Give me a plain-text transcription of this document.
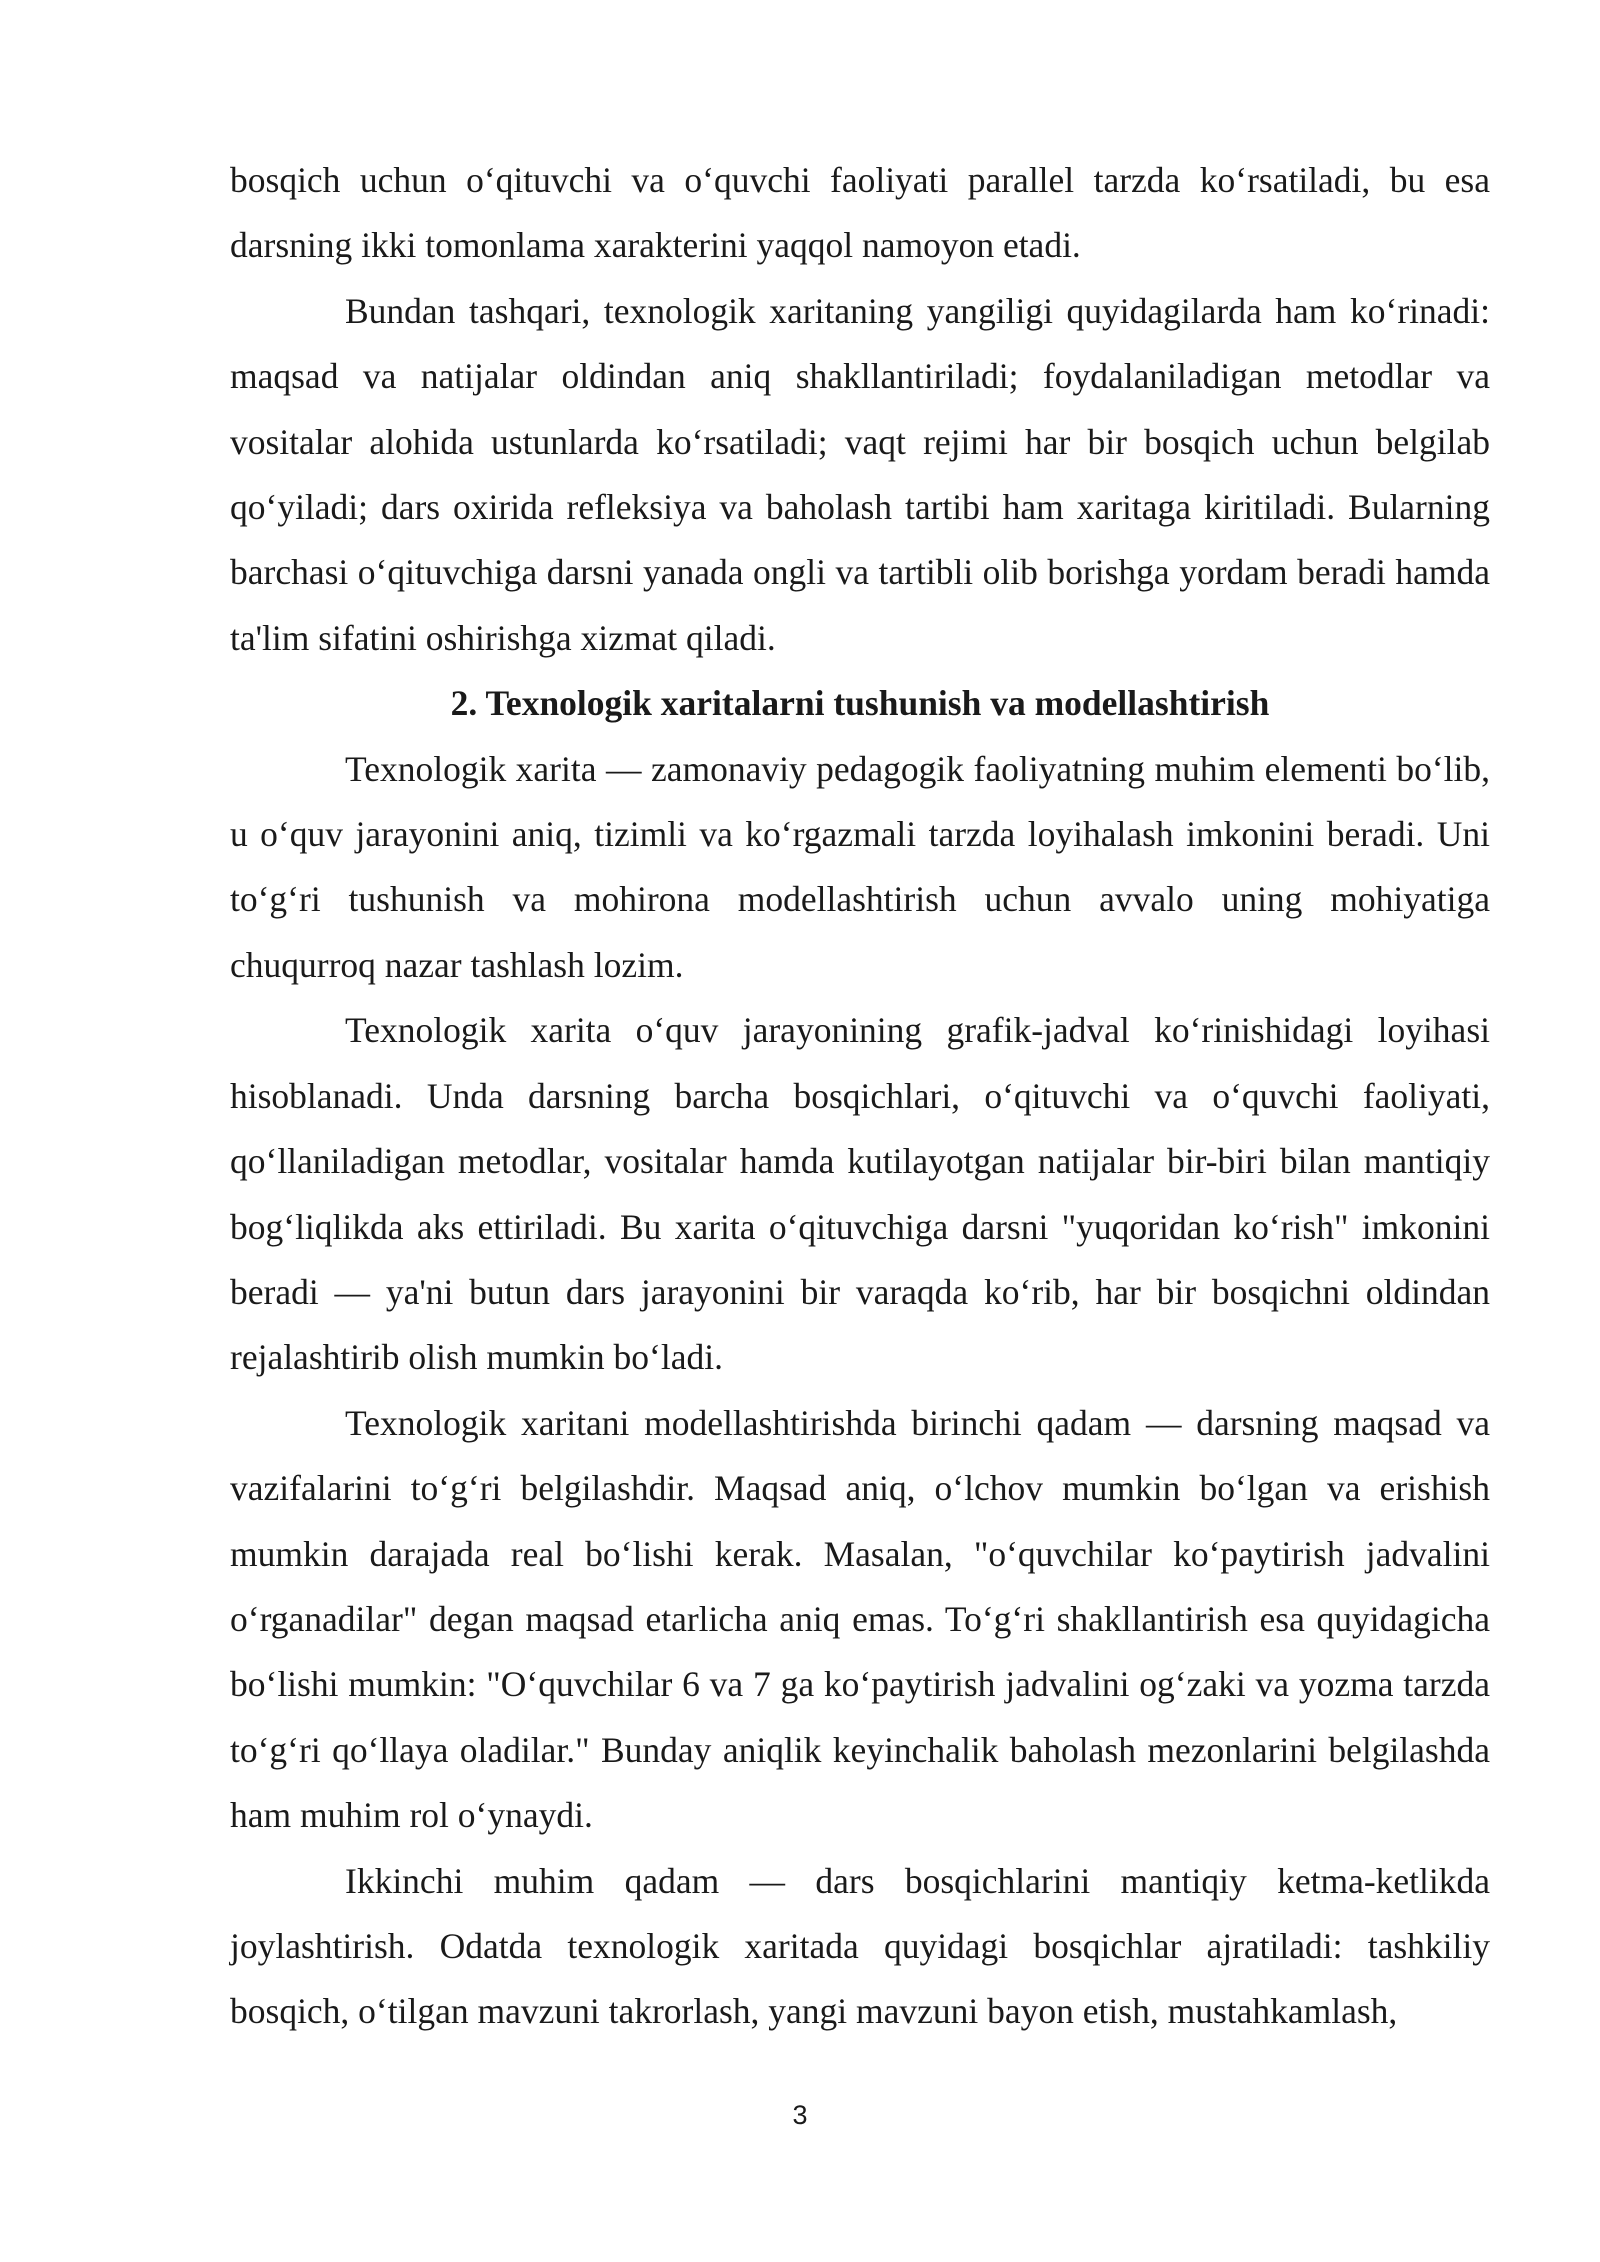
bosqich uchun o‘qituvchi va o‘quvchi faoliyati parallel tarzda ko‘rsatiladi, bu esa darsning ikki tomonlama xarakterini yaqqol namoyon etadi.

Bundan tashqari, texnologik xaritaning yangiligi quyidagilarda ham ko‘rinadi: maqsad va natijalar oldindan aniq shakllantiriladi; foydalaniladigan metodlar va vositalar alohida ustunlarda ko‘rsatiladi; vaqt rejimi har bir bosqich uchun belgilab qo‘yiladi; dars oxirida refleksiya va baholash tartibi ham xaritaga kiritiladi. Bularning barchasi o‘qituvchiga darsni yanada ongli va tartibli olib borishga yordam beradi hamda ta'lim sifatini oshirishga xizmat qiladi.

2. Texnologik xaritalarni tushunish va modellashtirish

Texnologik xarita — zamonaviy pedagogik faoliyatning muhim elementi bo‘lib, u o‘quv jarayonini aniq, tizimli va ko‘rgazmali tarzda loyihalash imkonini beradi. Uni to‘g‘ri tushunish va mohirona modellashtirish uchun avvalo uning mohiyatiga chuqurroq nazar tashlash lozim.

Texnologik xarita o‘quv jarayonining grafik-jadval ko‘rinishidagi loyihasi hisoblanadi. Unda darsning barcha bosqichlari, o‘qituvchi va o‘quvchi faoliyati, qo‘llaniladigan metodlar, vositalar hamda kutilayotgan natijalar bir-biri bilan mantiqiy bog‘liqlikda aks ettiriladi. Bu xarita o‘qituvchiga darsni "yuqoridan ko‘rish" imkonini beradi — ya'ni butun dars jarayonini bir varaqda ko‘rib, har bir bosqichni oldindan rejalashtirib olish mumkin bo‘ladi.

Texnologik xaritani modellashtirishda birinchi qadam — darsning maqsad va vazifalarini to‘g‘ri belgilashdir. Maqsad aniq, o‘lchov mumkin bo‘lgan va erishish mumkin darajada real bo‘lishi kerak. Masalan, "o‘quvchilar ko‘paytirish jadvalini o‘rganadilar" degan maqsad etarlicha aniq emas. To‘g‘ri shakllantirish esa quyidagicha bo‘lishi mumkin: "O‘quvchilar 6 va 7 ga ko‘paytirish jadvalini og‘zaki va yozma tarzda to‘g‘ri qo‘llaya oladilar." Bunday aniqlik keyinchalik baholash mezonlarini belgilashda ham muhim rol o‘ynaydi.

Ikkinchi muhim qadam — dars bosqichlarini mantiqiy ketma-ketlikda joylashtirish. Odatda texnologik xaritada quyidagi bosqichlar ajratiladi: tashkiliy bosqich, o‘tilgan mavzuni takrorlash, yangi mavzuni bayon etish, mustahkamlash,

3
